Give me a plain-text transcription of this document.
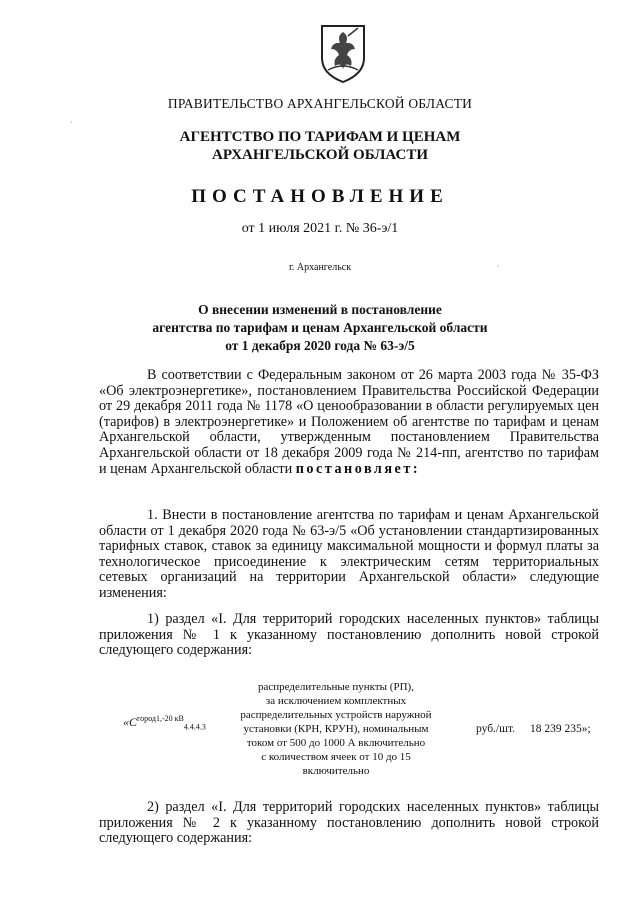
ПРАВИТЕЛЬСТВО АРХАНГЕЛЬСКОЙ ОБЛАСТИ
АГЕНТСТВО ПО ТАРИФАМ И ЦЕНАМ
АРХАНГЕЛЬСКОЙ ОБЛАСТИ
ПОСТАНОВЛЕНИЕ
от 1 июля 2021 г. № 36-э/1
г. Архангельск
О внесении изменений в постановление
агентства по тарифам и ценам Архангельской области
от 1 декабря 2020 года № 63-э/5

В соответствии с Федеральным законом от 26 марта 2003 года № 35-ФЗ «Об электроэнергетике», постановлением Правительства Российской Федерации от 29 декабря 2011 года № 1178 «О ценообразовании в области регулируемых цен (тарифов) в электроэнергетике» и Положением об агентстве по тарифам и ценам Архангельской области, утвержденным постановлением Правительства Архангельской области от 18 декабря 2009 года № 214-пп, агентство по тарифам и ценам Архангельской области постановляет:

1. Внести в постановление агентства по тарифам и ценам Архангельской области от 1 декабря 2020 года № 63-э/5 «Об установлении стандартизированных тарифных ставок, ставок за единицу максимальной мощности и формул платы за технологическое присоединение к электрическим сетям территориальных сетевых организаций на территории Архангельской области» следующие изменения:

1) раздел «I. Для территорий городских населенных пунктов» таблицы приложения № 1 к указанному постановлению дополнить новой строкой следующего содержания:

«$C^{город1,-20 кВ}_{4.4.4.3}$
распределительные пункты (РП),
за исключением комплектных
распределительных устройств наружной
установки (КРН, КРУН), номинальным
током от 500 до 1000 А включительно
с количеством ячеек от 10 до 15
включительно
руб./шт. 18 239 235»;

2) раздел «I. Для территорий городских населенных пунктов» таблицы приложения № 2 к указанному постановлению дополнить новой строкой следующего содержания:

·
·
